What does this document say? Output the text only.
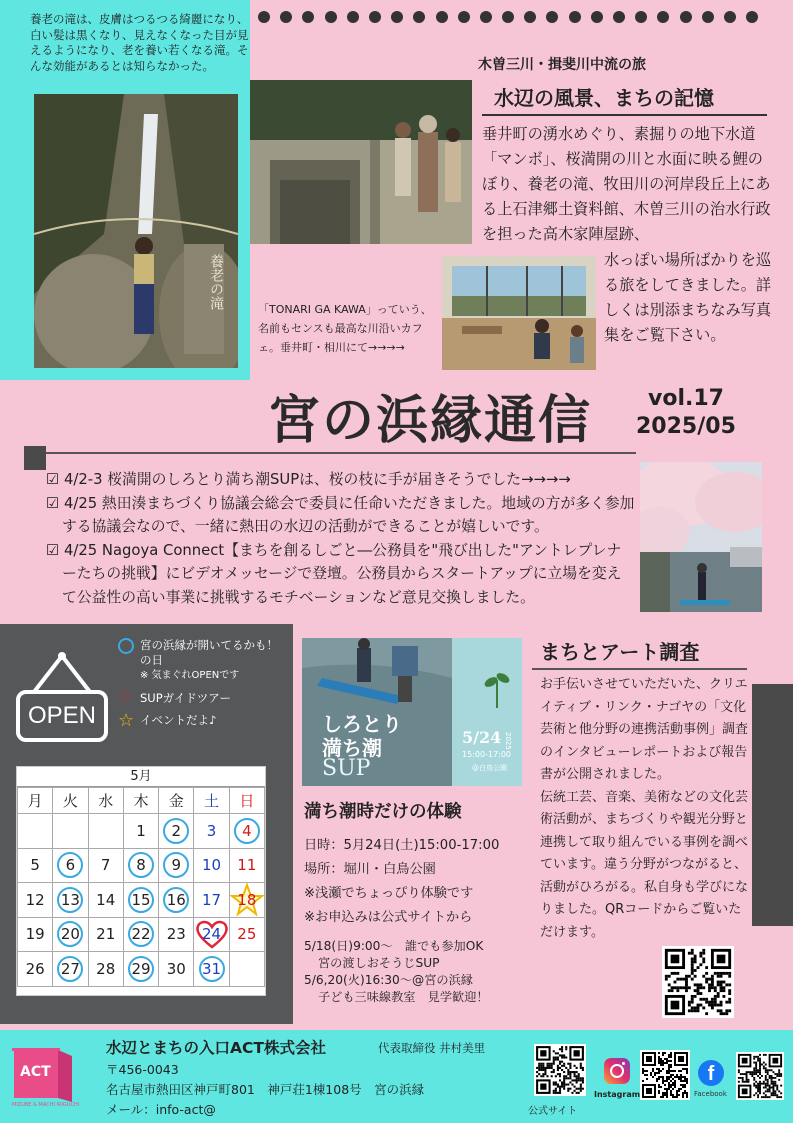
養老の滝は、皮膚はつるつる綺麗になり、白い髪は黒くなり、見えなくなった目が見えるようになり、老を養い若くなる滝。そんな効能があるとは知らなかった。
養老の滝
木曽三川・揖斐川中流の旅
水辺の風景、まちの記憶
垂井町の湧水めぐり、素掘りの地下水道「マンボ」、桜満開の川と水面に映る鯉のぼり、養老の滝、牧田川の河岸段丘上にある上石津郷土資料館、木曽三川の治水行政を担った高木家陣屋跡、
水っぽい場所ばかりを巡る旅をしてきました。詳しくは別添まちなみ写真集をご覧下さい。
「TONARI GA KAWA」っていう、名前もセンスも最高な川沿いカフェ。垂井町・相川にて→→→→
宮の浜縁通信	vol.17
2025/05

☑ 4/2-3 桜満開のしろとり満ち潮SUPは、桜の枝に手が届きそうでした→→→→

☑ 4/25 熱田湊まちづくり協議会総会で委員に任命いただきました。地域の方が多く参加する協議会なので、一緒に熱田の水辺の活動ができることが嬉しいです。

☑ 4/25 Nagoya Connect【まちを創るしごと―公務員を"飛び出した"アントレプレナーたちの挑戦】にビデオメッセージで登壇。公務員からスタートアップに立場を変えて公益性の高い事業に挑戦するモチベーションなど意見交換しました。

OPEN
宮の浜縁が開いてるかも！の日
※ 気まぐれOPENです
♡ SUPガイドツアー
☆ イベントだよ♪
5月
月	火	水	木	金	土	日
			1	2	3	4
5	6	7	8	9	10	11
12	13	14	15	16	17	18
19	20	21	22	23	24	25
26	27	28	29	30	31	
しろとり
満ち潮
SUP
5/24 2025
15:00-17:00
@白鳥公園
満ち潮時だけの体験
日時：5月24日(土)15:00-17:00
場所：堀川・白鳥公園
※浅瀬でちょっぴり体験です
※お申込みは公式サイトから
5/18(日)9:00～　誰でも参加OK
宮の渡しおそうじSUP
5/6,20(火)16:30～@宮の浜縁
子ども三味線教室　見学歓迎！
まちとアート調査

お手伝いさせていただいた、クリエイティブ・リンク・ナゴヤの「文化芸術と他分野の連携活動事例」調査のインタビューレポートおよび報告書が公開されました。

伝統工芸、音楽、美術などの文化芸術活動が、まちづくりや観光分野と連携して取り組んでいる事例を調べています。違う分野がつながると、活動がひろがる。私自身も学びになりました。QRコードからご覧いただけます。

ACT
MIZUBE & MACHI IRIGUCHI
水辺とまちの入口ACT株式会社	代表取締役 井村美里
〒456-0043
名古屋市熱田区神戸町801　神戸荘1棟108号　宮の浜縁
メール：info-act@	公式サイト
Instagram
f
Facebook
